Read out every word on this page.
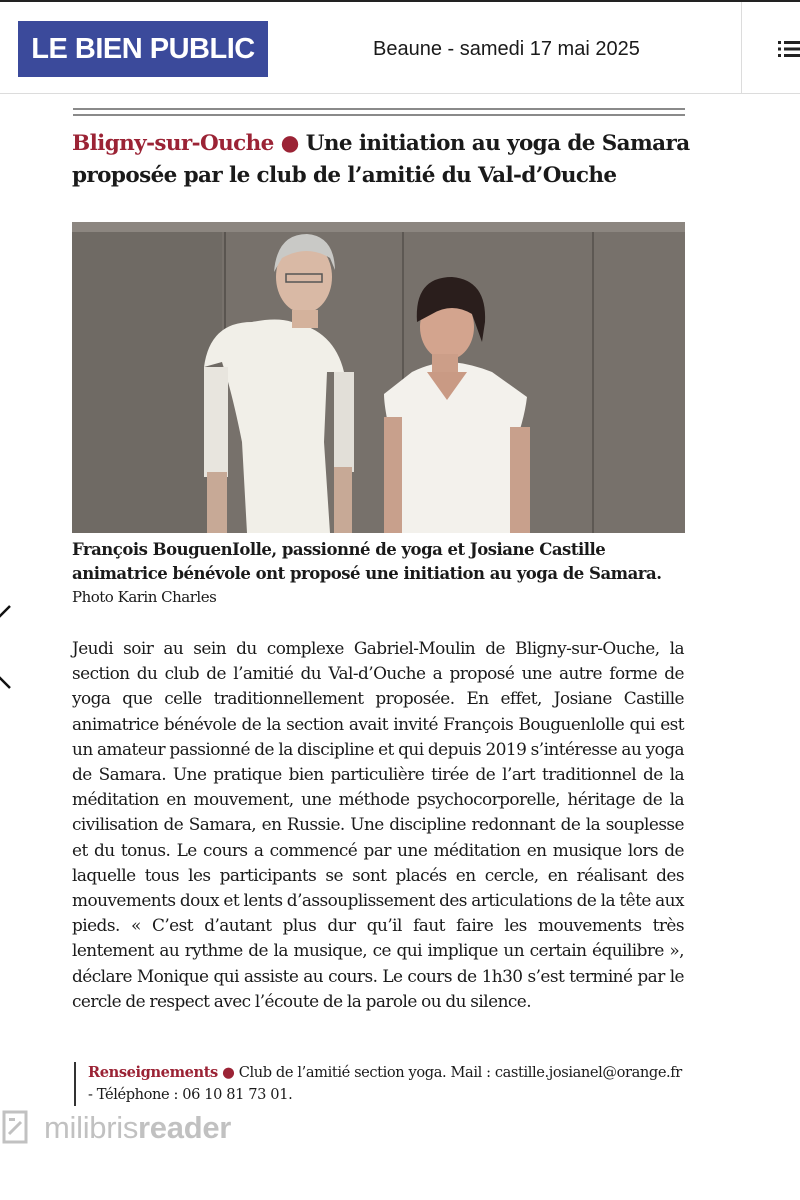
LE BIEN PUBLIC	Beaune - samedi 17 mai 2025
Bligny-sur-Ouche ● Une initiation au yoga de Samara proposée par le club de l’amitié du Val-d’Ouche

François BouguenIolle, passionné de yoga et Josiane Castille animatrice bénévole ont proposé une initiation au yoga de Samara. Photo Karin Charles

Jeudi soir au sein du complexe Gabriel-Moulin de Bligny-sur-Ouche, la section du club de l’amitié du Val-d’Ouche a proposé une autre forme de yoga que celle traditionnellement proposée. En effet, Josiane Castille animatrice bénévole de la section avait invité François Bouguenlolle qui est un amateur passionné de la discipline et qui depuis 2019 s’intéresse au yoga de Samara. Une pratique bien particulière tirée de l’art traditionnel de la méditation en mouvement, une méthode psychocorporelle, héritage de la civilisation de Samara, en Russie. Une discipline redonnant de la souplesse et du tonus. Le cours a commencé par une méditation en musique lors de laquelle tous les participants se sont placés en cercle, en réalisant des mouvements doux et lents d’assouplissement des articulations de la tête aux pieds. « C’est d’autant plus dur qu’il faut faire les mouvements très lentement au rythme de la musique, ce qui implique un certain équilibre », déclare Monique qui assiste au cours. Le cours de 1h30 s’est terminé par le cercle de respect avec l’écoute de la parole ou du silence.

Renseignements ● Club de l’amitié section yoga. Mail : castille.josianel@orange.fr - Téléphone : 06 10 81 73 01.

milibrisreader
